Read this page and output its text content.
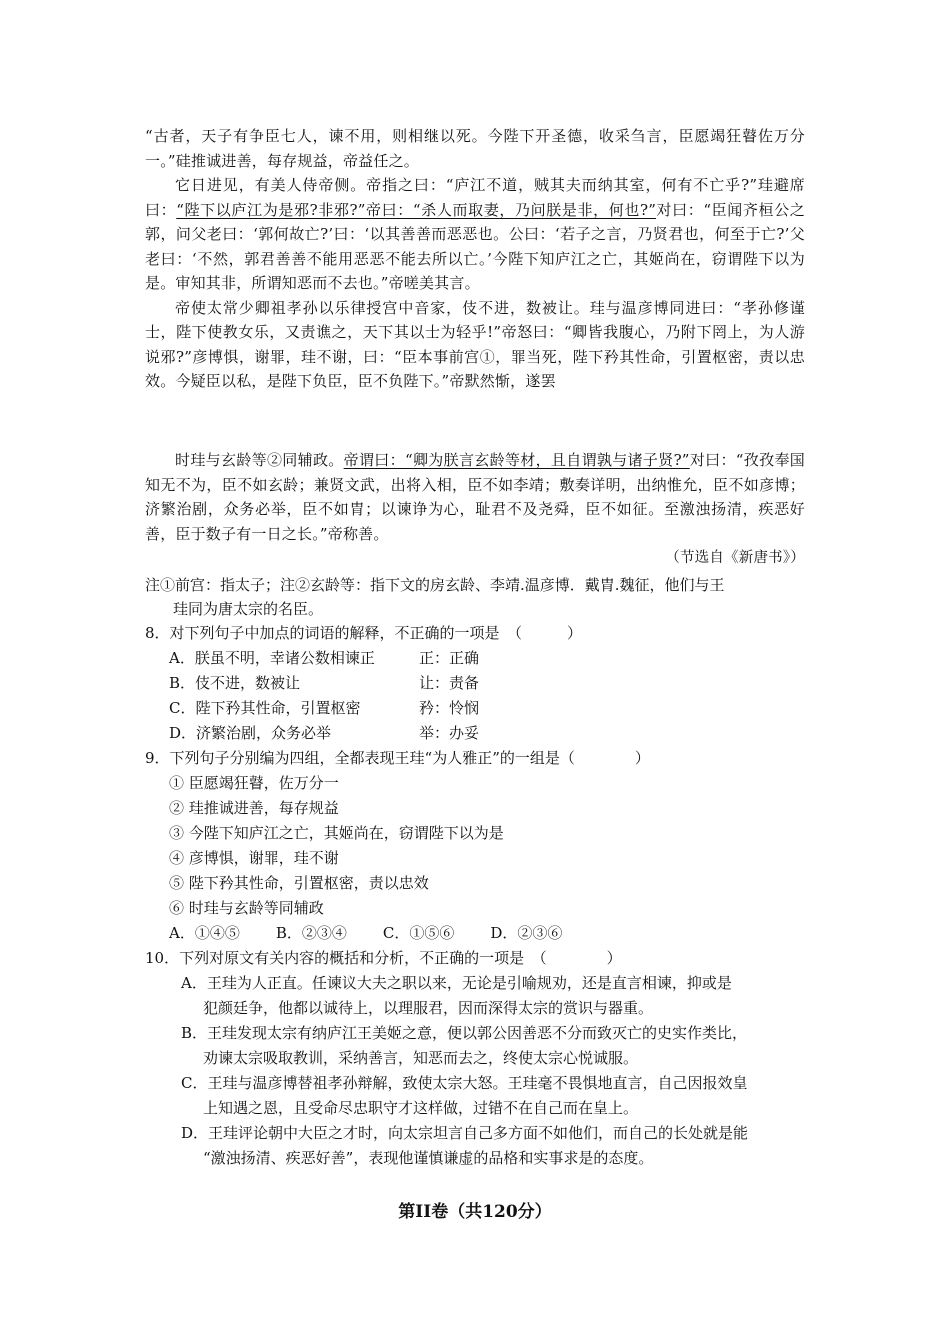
“古者，天子有争臣七人，谏不用，则相继以死。今陛下开圣德，收采刍言，臣愿竭狂瞽佐万分一。”硅推诚进善，每存规益，帝益任之。

它日进见，有美人侍帝侧。帝指之曰：“庐江不道，贼其夫而纳其室，何有不亡乎?”珪避席曰：“陛下以庐江为是邪?非邪?”帝曰：“杀人而取妻，乃问朕是非，何也?”对曰：“臣闻齐桓公之郭，问父老曰：‘郭何故亡?’曰：‘以其善善而恶恶也。公曰：‘若子之言，乃贤君也，何至于亡?’父老曰：‘不然，郭君善善不能用恶恶不能去所以亡。’今陛下知庐江之亡，其姬尚在，窃谓陛下以为是。审知其非，所谓知恶而不去也。”帝嗟美其言。

帝使太常少卿祖孝孙以乐律授宫中音家，伎不进，数被让。珪与温彦博同进曰：“孝孙修谨士，陛下使教女乐，又责谯之，天下其以士为轻乎!”帝怒曰：“卿皆我腹心，乃附下罔上，为人游说邪?”彦博惧，谢罪，珪不谢，曰：“臣本事前宫①，罪当死，陛下矜其性命，引置枢密，责以忠效。今疑臣以私，是陛下负臣，臣不负陛下。”帝默然惭，遂罢

时珪与玄龄等②同辅政。帝谓曰：“卿为朕言玄龄等材，且自谓孰与诸子贤?”对曰：“孜孜奉国知无不为，臣不如玄龄；兼贤文武，出将入相，臣不如李靖；敷奏详明，出纳惟允，臣不如彦博；济繁治剧，众务必举，臣不如胄；以谏诤为心，耻君不及尧舜，臣不如征。至激浊扬清，疾恶好善，臣于数子有一日之长。”帝称善。

（节选自《新唐书》）

注①前宫：指太子；注②玄龄等：指下文的房玄龄、李靖.温彦博．戴胄.魏征，他们与王

珪同为唐太宗的名臣。

8．对下列句子中加点的词语的解释，不正确的一项是　（　　　）

A．朕虽不明，幸诸公数相谏正	正：正确
B．伎不进，数被让	让：责备
C．陛下矜其性命，引置枢密	矜：怜悯
D．济繁治剧，众务必举	举：办妥

9．下列句子分别编为四组，全都表现王珪“为人雅正”的一组是（　　　　）

① 臣愿竭狂瞽，佐万分一

② 珪推诚进善，每存规益

③ 今陛下知庐江之亡，其姬尚在，窃谓陛下以为是

④ 彦博惧，谢罪，珪不谢

⑤ 陛下矜其性命，引置枢密，责以忠效

⑥ 时珪与玄龄等同辅政

A．①④⑤ B．②③④ C．①⑤⑥ D．②③⑥

10．下列对原文有关内容的概括和分析，不正确的一项是　（　　　　）

A．王珪为人正直。任谏议大夫之职以来，无论是引喻规劝，还是直言相谏，抑或是
犯颜廷争，他都以诚待上，以理服君，因而深得太宗的赏识与器重。
B．王珪发现太宗有纳庐江王美姬之意，便以郭公因善恶不分而致灭亡的史实作类比，
劝谏太宗吸取教训，采纳善言，知恶而去之，终使太宗心悦诚服。
C．王珪与温彦博替祖孝孙辩解，致使太宗大怒。王珪毫不畏惧地直言，自己因报效皇
上知遇之恩，且受命尽忠职守才这样做，过错不在自己而在皇上。
D．王珪评论朝中大臣之才时，向太宗坦言自己多方面不如他们，而自己的长处就是能
“激浊扬清、疾恶好善”，表现他谨慎谦虚的品格和实事求是的态度。
第II卷（共120分）
